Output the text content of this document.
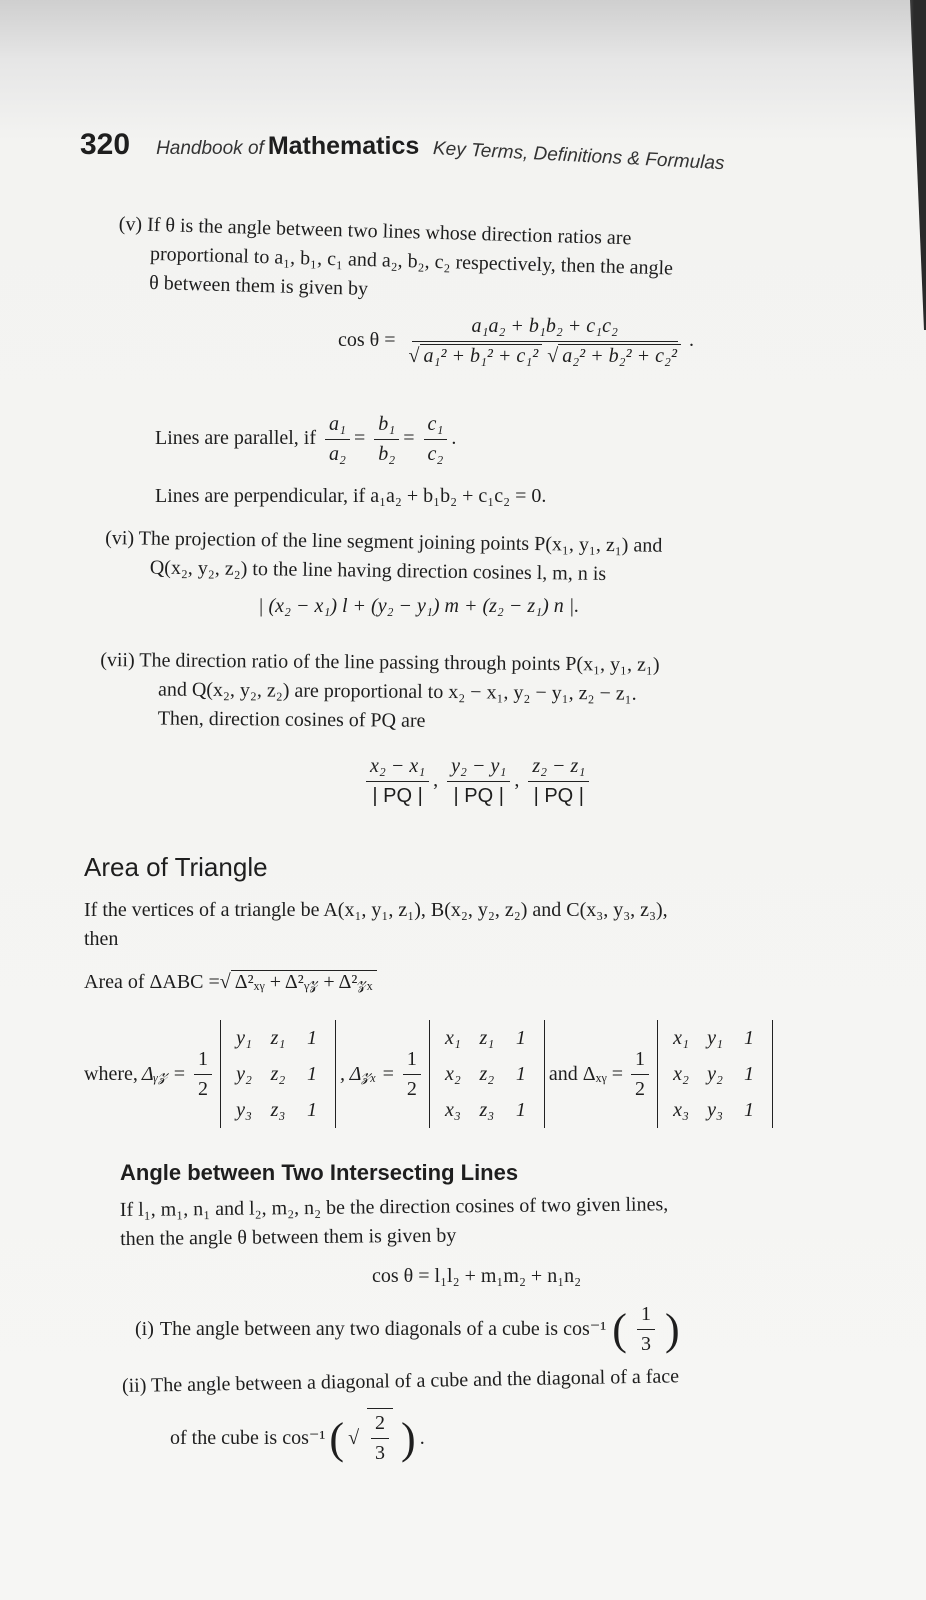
320 Handbook of Mathematics Key Terms, Definitions & Formulas
(v) If θ is the angle between two lines whose direction ratios are
proportional to a₁, b₁, c₁ and a₂, b₂, c₂ respectively, then the angle
θ between them is given by
$\cos \theta = \frac{\text{a₁a₂ + b₁b₂ + c₁c₂}}{\text{√ a₁² + b₁² + c₁² √ a₂² + b₂² + c₂²}}$ .
Lines are parallel, if $\frac{\text{a₁}}{\text{a₂}} = \frac{\text{b₁}}{\text{b₂}} = \frac{\text{c₁}}{\text{c₂}}$ .
Lines are perpendicular, if a₁a₂ + b₁b₂ + c₁c₂ = 0.
(vi) The projection of the line segment joining points P(x₁, y₁, z₁) and
Q(x₂, y₂, z₂) to the line having direction cosines l, m, n is
| (x₂ − x₁) l + (y₂ − y₁) m + (z₂ − z₁) n |.
(vii) The direction ratio of the line passing through points P(x₁, y₁, z₁)
and Q(x₂, y₂, z₂) are proportional to x₂ − x₁, y₂ − y₁, z₂ − z₁.
Then, direction cosines of PQ are
$\frac{\text{x₂ − x₁}}{| PQ |}$ , $\frac{\text{y₂ − y₁}}{| PQ |}$ , $\frac{\text{z₂ − z₁}}{| PQ |}$
Area of Triangle
If the vertices of a triangle be A(x₁, y₁, z₁), B(x₂, y₂, z₂) and C(x₃, y₃, z₃),
then
Area of ΔABC =√ Δ²ₓᵧ + Δ²ᵧ𝓏 + Δ²𝓏ₓ
where, Δᵧ𝓏 = $\frac{1}{2}$
y₁ z₁ 1
y₂ z₂ 1
y₃ z₃ 1
, Δ𝓏ₓ = $\frac{1}{2}$
x₁ z₁ 1
x₂ z₂ 1
x₃ z₃ 1
and Δₓᵧ = $\frac{1}{2}$
x₁ y₁ 1
x₂ y₂ 1
x₃ y₃ 1
Angle between Two Intersecting Lines
If l₁, m₁, n₁ and l₂, m₂, n₂ be the direction cosines of two given lines,
then the angle θ between them is given by
cos θ = l₁l₂ + m₁m₂ + n₁n₂
(i) The angle between any two diagonals of a cube is cos⁻¹ ( $\frac{1}{3}$ )
(ii) The angle between a diagonal of a cube and the diagonal of a face
of the cube is cos⁻¹ ( √ $\frac{2}{3}$ ) .
